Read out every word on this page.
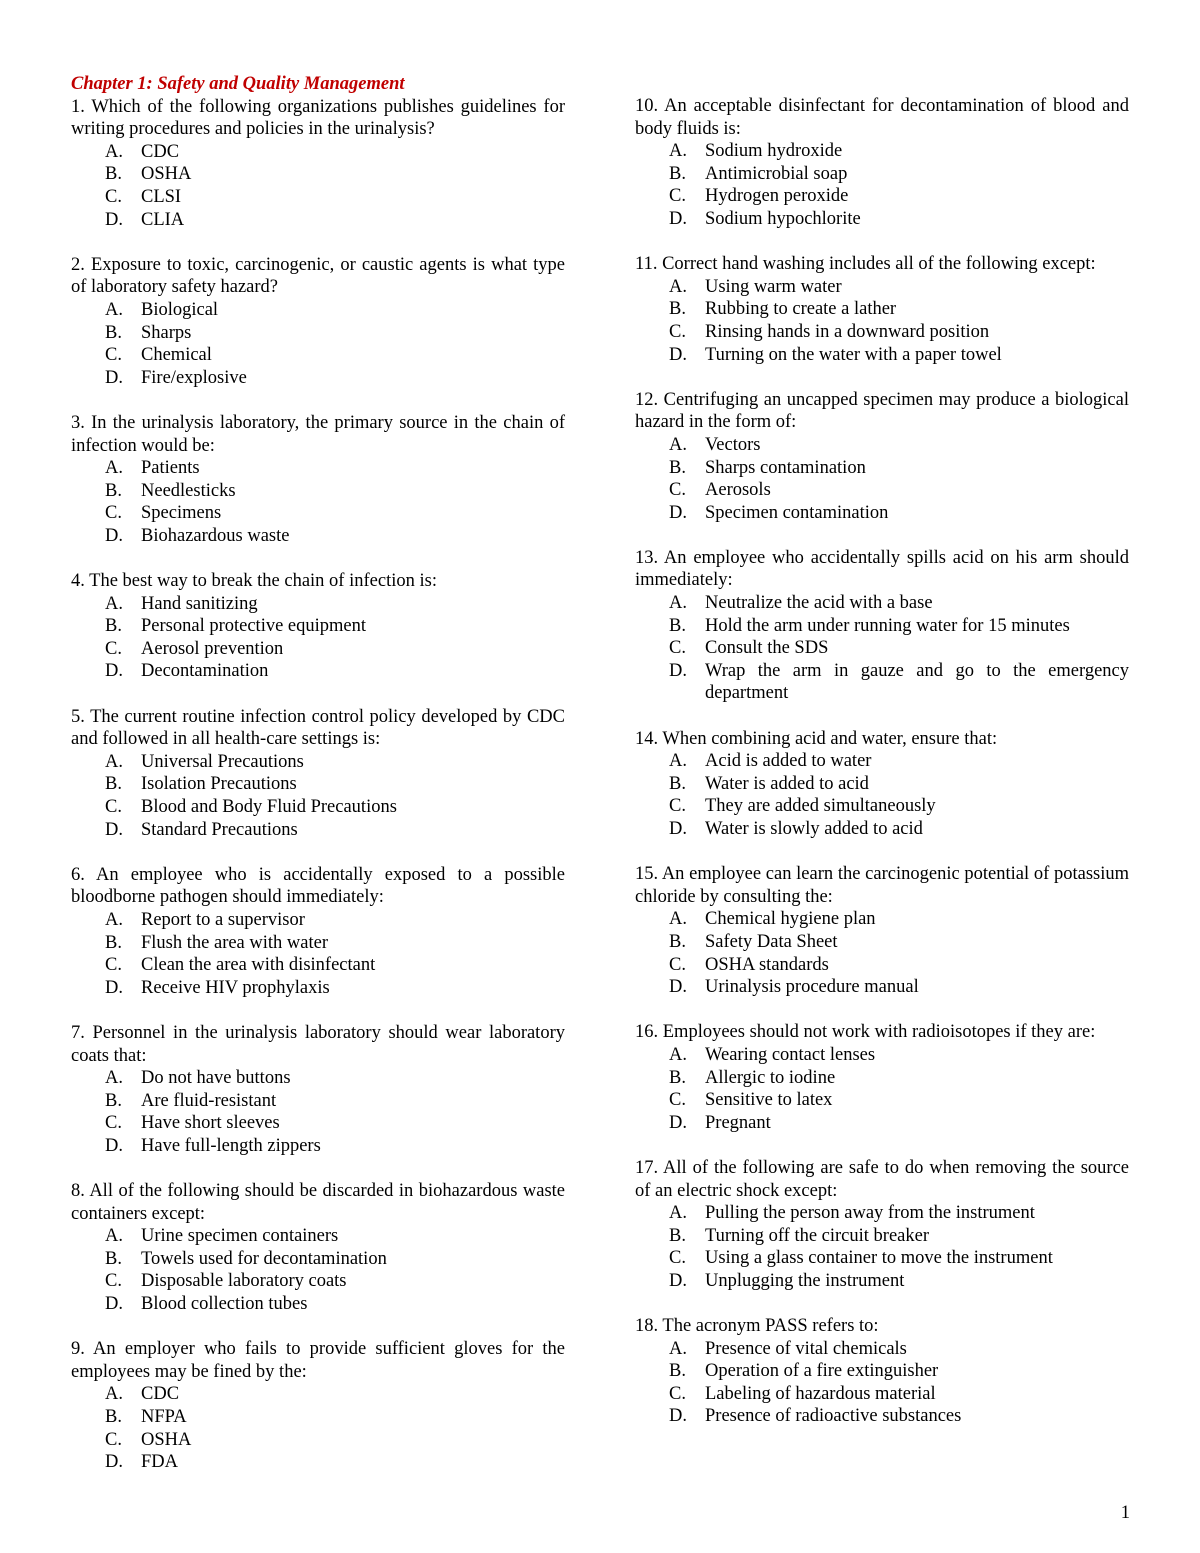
Chapter 1: Safety and Quality Management
1. Which of the following organizations publishes guidelines for writing procedures and policies in the urinalysis?
A. CDC
B.	OSHA
C.	CLSI
D. CLIA
2. Exposure to toxic, carcinogenic, or caustic agents is what type of laboratory safety hazard?
A. Biological
B.	Sharps
C.	Chemical
D. Fire/explosive
3. In the urinalysis laboratory, the primary source in the chain of infection would be:
A. Patients
B.	Needlesticks
C.	Specimens
D. Biohazardous waste
4. The best way to break the chain of infection is:
A. Hand sanitizing
B.	Personal protective equipment
C.	Aerosol prevention
D. Decontamination
5. The current routine infection control policy developed by CDC and followed in all health-care settings is:
A. Universal Precautions
B.	Isolation Precautions
C.	Blood and Body Fluid Precautions
D. Standard Precautions
6. An employee who is accidentally exposed to a possible bloodborne pathogen should immediately:
A. Report to a supervisor
B.	Flush the area with water
C.	Clean the area with disinfectant
D. Receive HIV prophylaxis
7. Personnel in the urinalysis laboratory should wear laboratory coats that:
A. Do not have buttons
B.	Are fluid-resistant
C.	Have short sleeves
D. Have full-length zippers
8. All of the following should be discarded in biohazardous waste containers except:
A. Urine specimen containers
B.	Towels used for decontamination
C.	Disposable laboratory coats
D. Blood collection tubes
9. An employer who fails to provide sufficient gloves for the employees may be fined by the:
A. CDC
B.	NFPA
C.	OSHA
D. FDA
10. An acceptable disinfectant for decontamination of blood and body fluids is:
A. Sodium hydroxide
B.	Antimicrobial soap
C.	Hydrogen peroxide
D. Sodium hypochlorite
11. Correct hand washing includes all of the following except:
A. Using warm water
B.	Rubbing to create a lather
C.	Rinsing hands in a downward position
D. Turning on the water with a paper towel
12. Centrifuging an uncapped specimen may produce a biological hazard in the form of:
A. Vectors
B.	Sharps contamination
C.	Aerosols
D. Specimen contamination
13. An employee who accidentally spills acid on his arm should immediately:
A. Neutralize the acid with a base
B.	Hold the arm under running water for 15 minutes
C.	Consult the SDS
D. Wrap the arm in gauze and go to the emergency department
14. When combining acid and water, ensure that:
A. Acid is added to water
B.	Water is added to acid
C.	They are added simultaneously
D. Water is slowly added to acid
15. An employee can learn the carcinogenic potential of potassium chloride by consulting the:
A. Chemical hygiene plan
B.	Safety Data Sheet
C.	OSHA standards
D. Urinalysis procedure manual
16. Employees should not work with radioisotopes if they are:
A. Wearing contact lenses
B.	Allergic to iodine
C.	Sensitive to latex
D. Pregnant
17. All of the following are safe to do when removing the source of an electric shock except:
A. Pulling the person away from the instrument
B.	Turning off the circuit breaker
C.	Using a glass container to move the instrument
D. Unplugging the instrument
18. The acronym PASS refers to:
A. Presence of vital chemicals
B.	Operation of a fire extinguisher
C.	Labeling of hazardous material
D. Presence of radioactive substances
1
